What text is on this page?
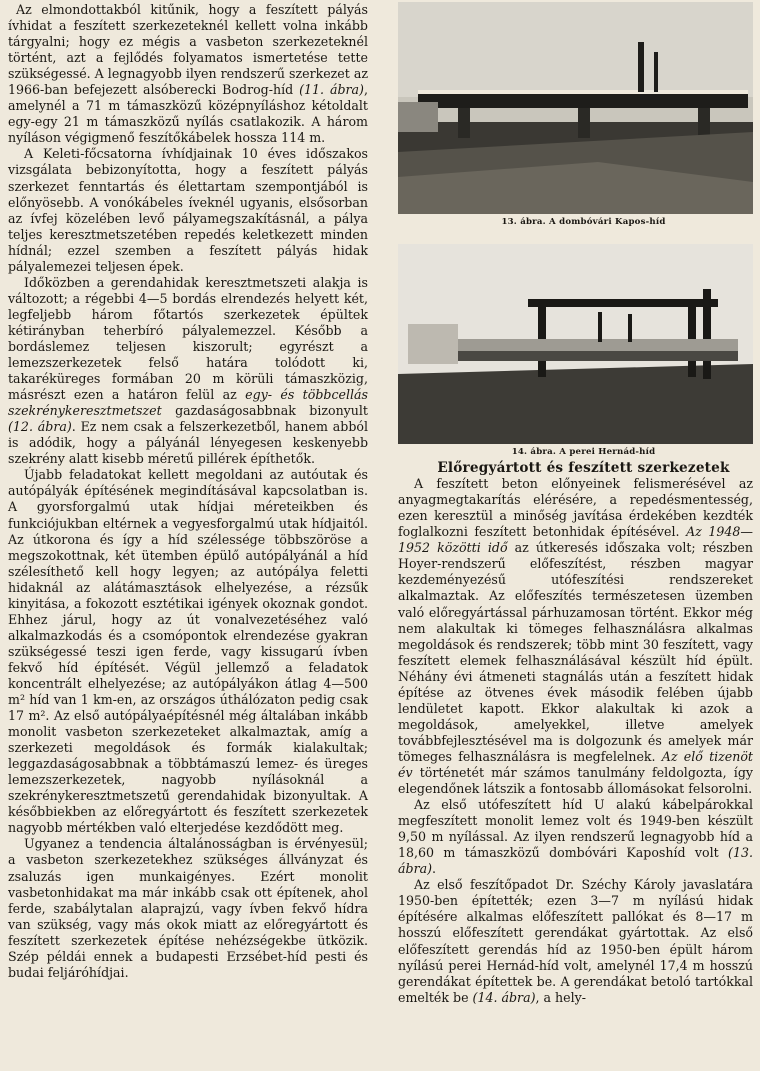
Az elmondottakból kitűnik, hogy a feszített pályás ívhidat a feszített szerkezeteknél kellett volna inkább tárgyalni; hogy ez mégis a vasbeton szerkezeteknél történt, azt a fejlődés folyamatos ismertetése tette szükségessé. A legnagyobb ilyen rendszerű szerkezet az 1966-ban befejezett alsóberecki Bodrog-híd (11. ábra), amelynél a 71 m támaszközű középnyíláshoz kétoldalt egy-egy 21 m támaszközű nyílás csatlakozik. A három nyíláson végigmenő feszítőkábelek hossza 114 m.

A Keleti-főcsatorna ívhídjainak 10 éves időszakos vizsgálata bebizonyította, hogy a feszített pályás szerkezet fenntartás és élettartam szempontjából is előnyösebb. A vonókábeles íveknél ugyanis, elsősorban az ívfej közelében levő pályamegszakításnál, a pálya teljes keresztmetszetében repedés keletkezett minden hídnál; ezzel szemben a feszített pályás hidak pályalemezei teljesen épek.

Időközben a gerendahidak keresztmetszeti alakja is változott; a régebbi 4—5 bordás elrendezés helyett két, legfeljebb három főtartós szerkezetek épültek kétirányban teherbíró pályalemezzel. Később a bordáslemez teljesen kiszorult; egyrészt a lemezszerkezetek felső határa tolódott ki, takaréküreges formában 20 m körüli támaszközig, másrészt ezen a határon felül az egy- és többcellás szekrénykeresztmetszet gazdaságosabbnak bizonyult (12. ábra). Ez nem csak a felszerkezetből, hanem abból is adódik, hogy a pályánál lényegesen keskenyebb szekrény alatt kisebb méretű pillérek építhetők.

Újabb feladatokat kellett megoldani az autóutak és autópályák építésének megindításával kapcsolatban is. A gyorsforgalmú utak hídjai méreteikben és funkciójukban eltérnek a vegyesforgalmú utak hídjaitól. Az útkorona és így a híd szélessége többszöröse a megszokottnak, két ütemben épülő autópályánál a híd szélesíthető kell hogy legyen; az autópálya feletti hidaknál az alátámasztások elhelyezése, a rézsűk kinyitása, a fokozott esztétikai igények okoznak gondot. Ehhez járul, hogy az út vonalvezetéséhez való alkalmazkodás és a csomópontok elrendezése gyakran szükségessé teszi igen ferde, vagy kissugarú ívben fekvő híd építését. Végül jellemző a feladatok koncentrált elhelyezése; az autópályákon átlag 4—500 m² híd van 1 km-en, az országos úthálózaton pedig csak 17 m². Az első autópályaépítésnél még általában inkább monolit vasbeton szerkezeteket alkalmaztak, amíg a szerkezeti megoldások és formák kialakultak; leggazdaságosabbnak a többtámaszú lemez- és üreges lemezszerkezetek, nagyobb nyílásoknál a szekrénykeresztmetszetű gerendahidak bizonyultak. A későbbiekben az előregyártott és feszített szerkezetek nagyobb mértékben való elterjedése kezdődött meg.

Ugyanez a tendencia általánosságban is érvényesül; a vasbeton szerkezetekhez szükséges állványzat és zsaluzás igen munkaigényes. Ezért monolit vasbetonhidakat ma már inkább csak ott építenek, ahol ferde, szabálytalan alaprajzú, vagy ívben fekvő hídra van szükség, vagy más okok miatt az előregyártott és feszített szerkezetek építése nehézségekbe ütközik. Szép példái ennek a budapesti Erzsébet-híd pesti és budai feljáróhídjai.

13. ábra. A dombóvári Kapos-híd

14. ábra. A perei Hernád-híd

Előregyártott és feszített szerkezetek

A feszített beton előnyeinek felismerésével az anyagmegtakarítás elérésére, a repedésmentesség, ezen keresztül a minőség javítása érdekében kezdték foglalkozni feszített betonhidak építésével. Az 1948—1952 közötti idő az útkeresés időszaka volt; részben Hoyer-rendszerű előfeszítést, részben magyar kezdeményezésű utófeszítési rendszereket alkalmaztak. Az előfeszítés természetesen üzemben való előregyártással párhuzamosan történt. Ekkor még nem alakultak ki tömeges felhasználásra alkalmas megoldások és rendszerek; több mint 30 feszített, vagy feszített elemek felhasználásával készült híd épült. Néhány évi átmeneti stagnálás után a feszített hidak építése az ötvenes évek második felében újabb lendületet kapott. Ekkor alakultak ki azok a megoldások, amelyekkel, illetve amelyek továbbfejlesztésével ma is dolgozunk és amelyek már tömeges felhasználásra is megfelelnek. Az elő tizenöt év történetét már számos tanulmány feldolgozta, így elegendőnek látszik a fontosabb állomásokat felsorolni.

Az első utófeszített híd U alakú kábelpárokkal megfeszített monolit lemez volt és 1949-ben készült 9,50 m nyílással. Az ilyen rendszerű legnagyobb híd a 18,60 m támaszközű dombóvári Kaposhíd volt (13. ábra).

Az első feszítőpadot Dr. Széchy Károly javaslatára 1950-ben építették; ezen 3—7 m nyílású hidak építésére alkalmas előfeszített pallókat és 8—17 m hosszú előfeszített gerendákat gyártottak. Az első előfeszített gerendás híd az 1950-ben épült három nyílású perei Hernád-híd volt, amelynél 17,4 m hosszú gerendákat építettek be. A gerendákat betoló tartókkal emelték be (14. ábra), a hely-
